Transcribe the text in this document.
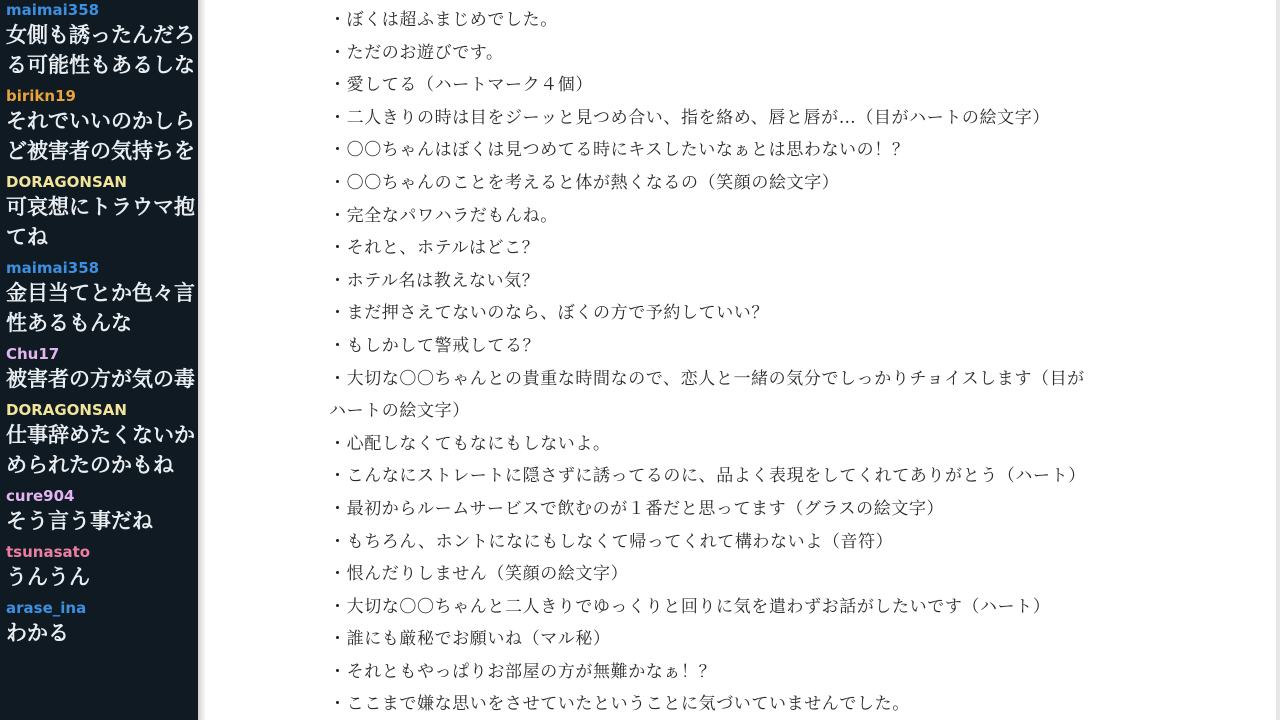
maimai358
女側も誘ったんだろ
る可能性もあるしな
birikn19
それでいいのかしら
ど被害者の気持ちを
DORAGONSAN
可哀想にトラウマ抱
てね
maimai358
金目当てとか色々言
性あるもんな
Chu17
被害者の方が気の毒
DORAGONSAN
仕事辞めたくないか
められたのかもね
cure904
そう言う事だね
tsunasato
うんうん
arase_ina
わかる
・ぼくは超ふまじめでした。
・ただのお遊びです。
・愛してる（ハートマーク４個）
・二人きりの時は目をジーッと見つめ合い、指を絡め、唇と唇が…（目がハートの絵文字）
・〇〇ちゃんはぼくは見つめてる時にキスしたいなぁとは思わないの！？
・〇〇ちゃんのことを考えると体が熱くなるの（笑顔の絵文字）
・完全なパワハラだもんね。
・それと、ホテルはどこ？
・ホテル名は教えない気？
・まだ押さえてないのなら、ぼくの方で予約していい？
・もしかして警戒してる？
・大切な〇〇ちゃんとの貴重な時間なので、恋人と一緒の気分でしっかりチョイスします（目が
ハートの絵文字）
・心配しなくてもなにもしないよ。
・こんなにストレートに隠さずに誘ってるのに、品よく表現をしてくれてありがとう（ハート）
・最初からルームサービスで飲むのが１番だと思ってます（グラスの絵文字）
・もちろん、ホントになにもしなくて帰ってくれて構わないよ（音符）
・恨んだりしません（笑顔の絵文字）
・大切な〇〇ちゃんと二人きりでゆっくりと回りに気を遣わずお話がしたいです（ハート）
・誰にも厳秘でお願いね（マル秘）
・それともやっぱりお部屋の方が無難かなぁ！？
・ここまで嫌な思いをさせていたということに気づいていませんでした。
